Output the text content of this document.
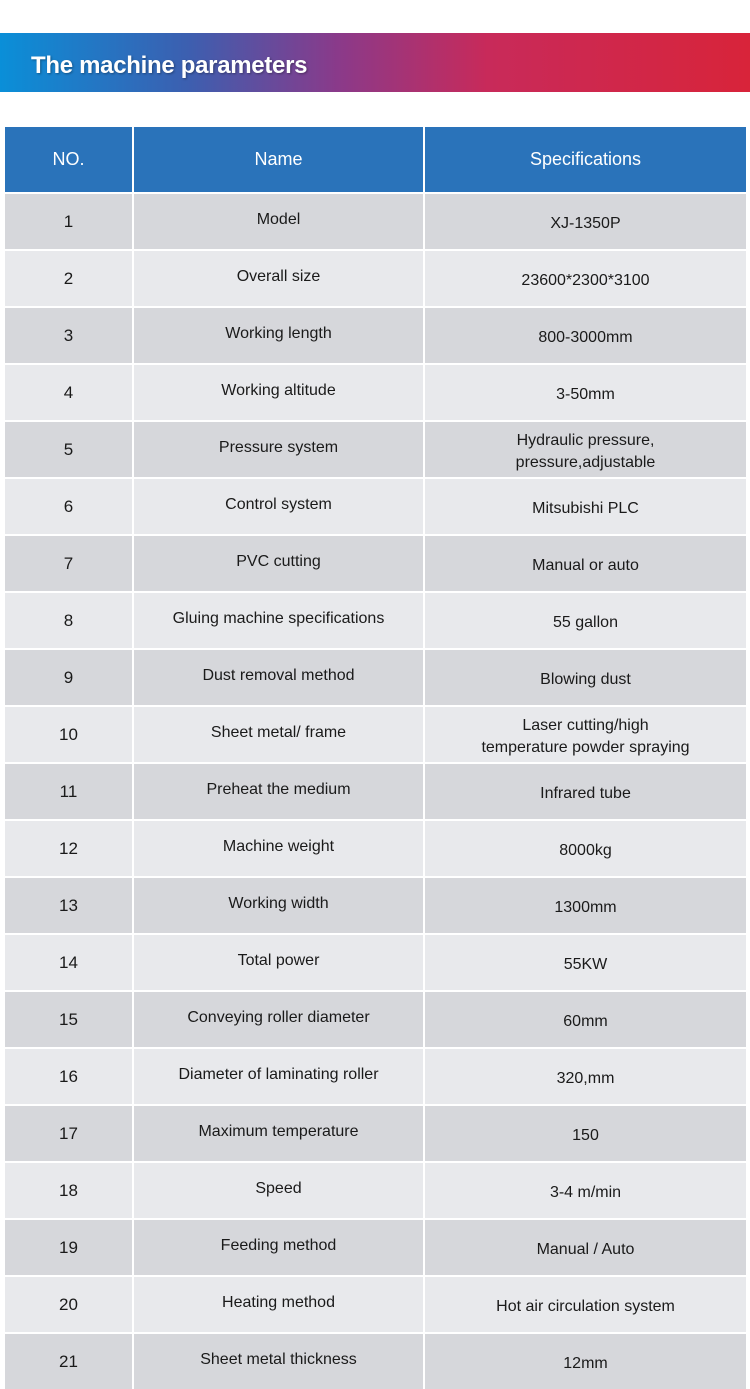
The machine parameters
NO.	Name	Specifications
1	Model	XJ-1350P
2	Overall size	23600*2300*3100
3	Working length	800-3000mm
4	Working altitude	3-50mm
5	Pressure system	Hydraulic pressure,
pressure,adjustable
6	Control system	Mitsubishi PLC
7	PVC cutting	Manual or auto
8	Gluing machine specifications	55 gallon
9	Dust removal method	Blowing dust
10	Sheet metal/ frame	Laser cutting/high
temperature powder spraying
11	Preheat the medium	Infrared tube
12	Machine weight	8000kg
13	Working width	1300mm
14	Total power	55KW
15	Conveying roller diameter	60mm
16	Diameter of laminating roller	320,mm
17	Maximum temperature	150
18	Speed	3-4 m/min
19	Feeding method	Manual / Auto
20	Heating method	Hot air circulation system
21	Sheet metal thickness	12mm
